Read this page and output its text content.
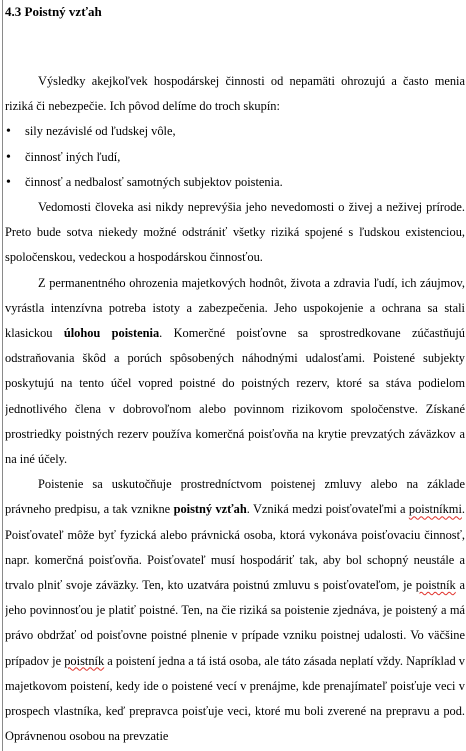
4.3 Poistný vzťah

Výsledky akejkoľvek hospodárskej činnosti od nepamäti ohrozujú a často menia riziká či nebezpečie. Ich pôvod delíme do troch skupín:

• sily nezávislé od ľudskej vôle,
• činnosť iných ľudí,
• činnosť a nedbalosť samotných subjektov poistenia.

Vedomosti človeka asi nikdy neprevýšia jeho nevedomosti o živej a neživej prírode. Preto bude sotva niekedy možné odstrániť všetky riziká spojené s ľudskou existenciou, spoločenskou, vedeckou a hospodárskou činnosťou.

Z permanentného ohrozenia majetkových hodnôt, života a zdravia ľudí, ich záujmov, vyrástla intenzívna potreba istoty a zabezpečenia. Jeho uspokojenie a ochrana sa stali klasickou úlohou poistenia. Komerčné poisťovne sa sprostredkovane zúčastňujú odstraňovania škôd a porúch spôsobených náhodnými udalosťami. Poistené subjekty poskytujú na tento účel vopred poistné do poistných rezerv, ktoré sa stáva podielom jednotlivého člena v dobrovoľnom alebo povinnom rizikovom spoločenstve. Získané prostriedky poistných rezerv používa komerčná poisťovňa na krytie prevzatých záväzkov a na iné účely.

Poistenie sa uskutočňuje prostredníctvom poistenej zmluvy alebo na základe právneho predpisu, a tak vznikne poistný vzťah. Vzniká medzi poisťovateľmi a poistníkmi. Poisťovateľ môže byť fyzická alebo právnická osoba, ktorá vykonáva poisťovaciu činnosť, napr. komerčná poisťovňa. Poisťovateľ musí hospodáriť tak, aby bol schopný neustále a trvalo plniť svoje záväzky. Ten, kto uzatvára poistnú zmluvu s poisťovateľom, je poistník a jeho povinnosťou je platiť poistné. Ten, na čie riziká sa poistenie zjednáva, je poistený a má právo obdržať od poisťovne poistné plnenie v prípade vzniku poistnej udalosti. Vo väčšine prípadov je poistník a poistení jedna a tá istá osoba, ale táto zásada neplatí vždy. Napríklad v majetkovom poistení, kedy ide o poistené vecí v prenájme, kde prenajímateľ poisťuje veci v prospech vlastníka, keď prepravca poisťuje veci, ktoré mu boli zverené na prepravu a pod. Oprávnenou osobou na prevzatie
